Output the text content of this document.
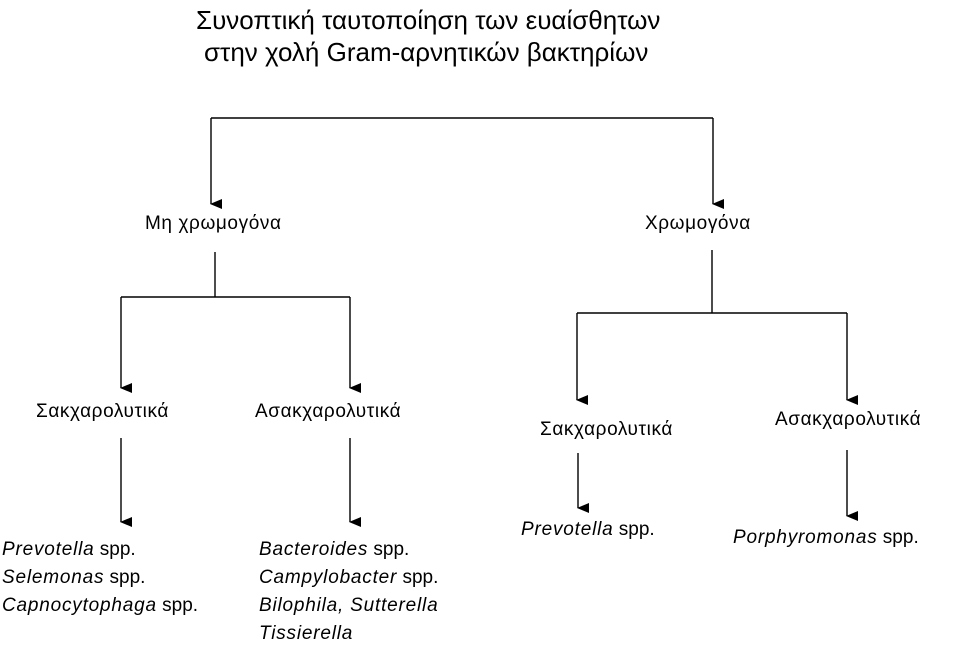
Συνοπτική ταυτοποίηση των ευαίσθητων
στην χολή Gram-αρνητικών βακτηρίων
Μη χρωμογόνα	Χρωμογόνα
Σακχαρολυτικά	Ασακχαρολυτικά
Σακχαρολυτικά	Ασακχαρολυτικά
Prevotella spp.
Selemonas spp.
Capnocytophaga spp.
Bacteroides spp.
Campylobacter spp.
Bilophila, Sutterella
Tissierella
Prevotella spp.	Porphyromonas spp.
